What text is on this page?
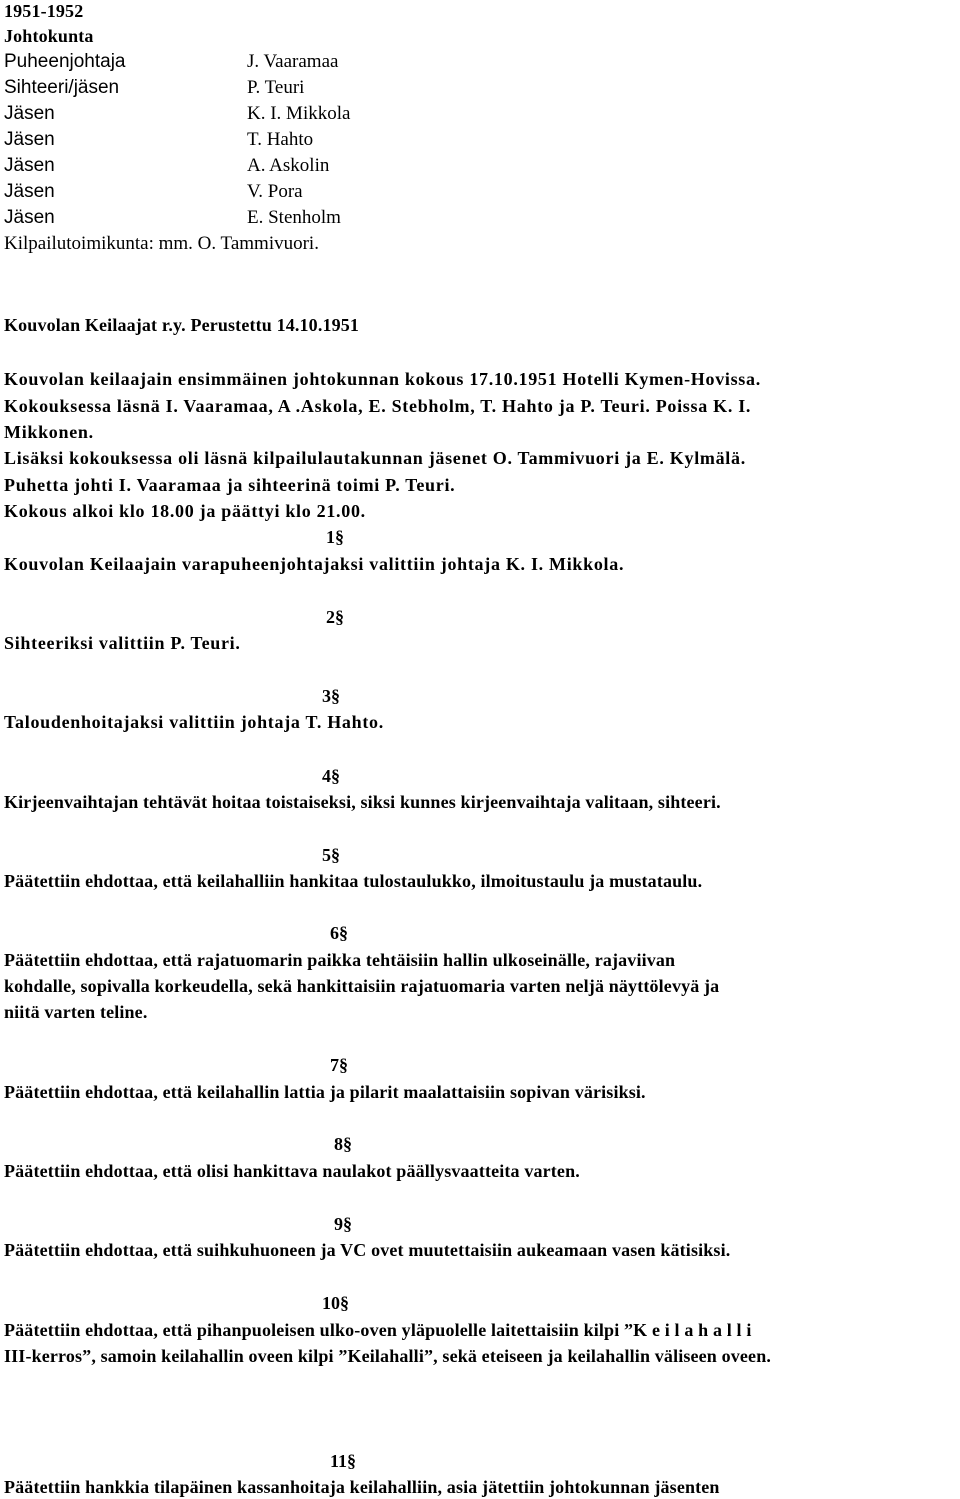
1951-1952
Johtokunta
Puheenjohtaja	J. Vaaramaa
Sihteeri/jäsen	P. Teuri
Jäsen	K. I. Mikkola
Jäsen	T. Hahto
Jäsen	A. Askolin
Jäsen	V. Pora
Jäsen	E. Stenholm
Kilpailutoimikunta: mm. O. Tammivuori.
Kouvolan Keilaajat r.y. Perustettu 14.10.1951
Kouvolan keilaajain ensimmäinen johtokunnan kokous 17.10.1951 Hotelli Kymen-Hovissa.
Kokouksessa läsnä I. Vaaramaa, A .Askola, E. Stebholm, T. Hahto ja P. Teuri. Poissa K. I.
Mikkonen.
Lisäksi kokouksessa oli läsnä kilpailulautakunnan jäsenet O. Tammivuori ja E. Kylmälä.
Puhetta johti I. Vaaramaa ja sihteerinä toimi P. Teuri.
Kokous alkoi klo 18.00 ja päättyi klo 21.00.
1§
Kouvolan Keilaajain varapuheenjohtajaksi valittiin johtaja K. I. Mikkola.
2§
Sihteeriksi valittiin P. Teuri.
3§
Taloudenhoitajaksi valittiin johtaja T. Hahto.
4§
Kirjeenvaihtajan tehtävät hoitaa toistaiseksi, siksi kunnes kirjeenvaihtaja valitaan, sihteeri.
5§
Päätettiin ehdottaa, että keilahalliin hankitaa tulostaulukko, ilmoitustaulu ja mustataulu.
6§
Päätettiin ehdottaa, että rajatuomarin paikka tehtäisiin hallin ulkoseinälle, rajaviivan
kohdalle, sopivalla korkeudella, sekä hankittaisiin rajatuomaria varten neljä näyttölevyä ja
niitä varten teline.
7§
Päätettiin ehdottaa, että keilahallin lattia ja pilarit maalattaisiin sopivan värisiksi.
8§
Päätettiin ehdottaa, että olisi hankittava naulakot päällysvaatteita varten.
9§
Päätettiin ehdottaa, että suihkuhuoneen ja VC ovet muutettaisiin aukeamaan vasen kätisiksi.
10§
Päätettiin ehdottaa, että pihanpuoleisen ulko-oven yläpuolelle laitettaisiin kilpi ”K e i l a h a l l i
III-kerros”, samoin keilahallin oveen kilpi ”Keilahalli”, sekä eteiseen ja keilahallin väliseen oveen.
11§
Päätettiin hankkia tilapäinen kassanhoitaja keilahalliin, asia jätettiin johtokunnan jäsenten
